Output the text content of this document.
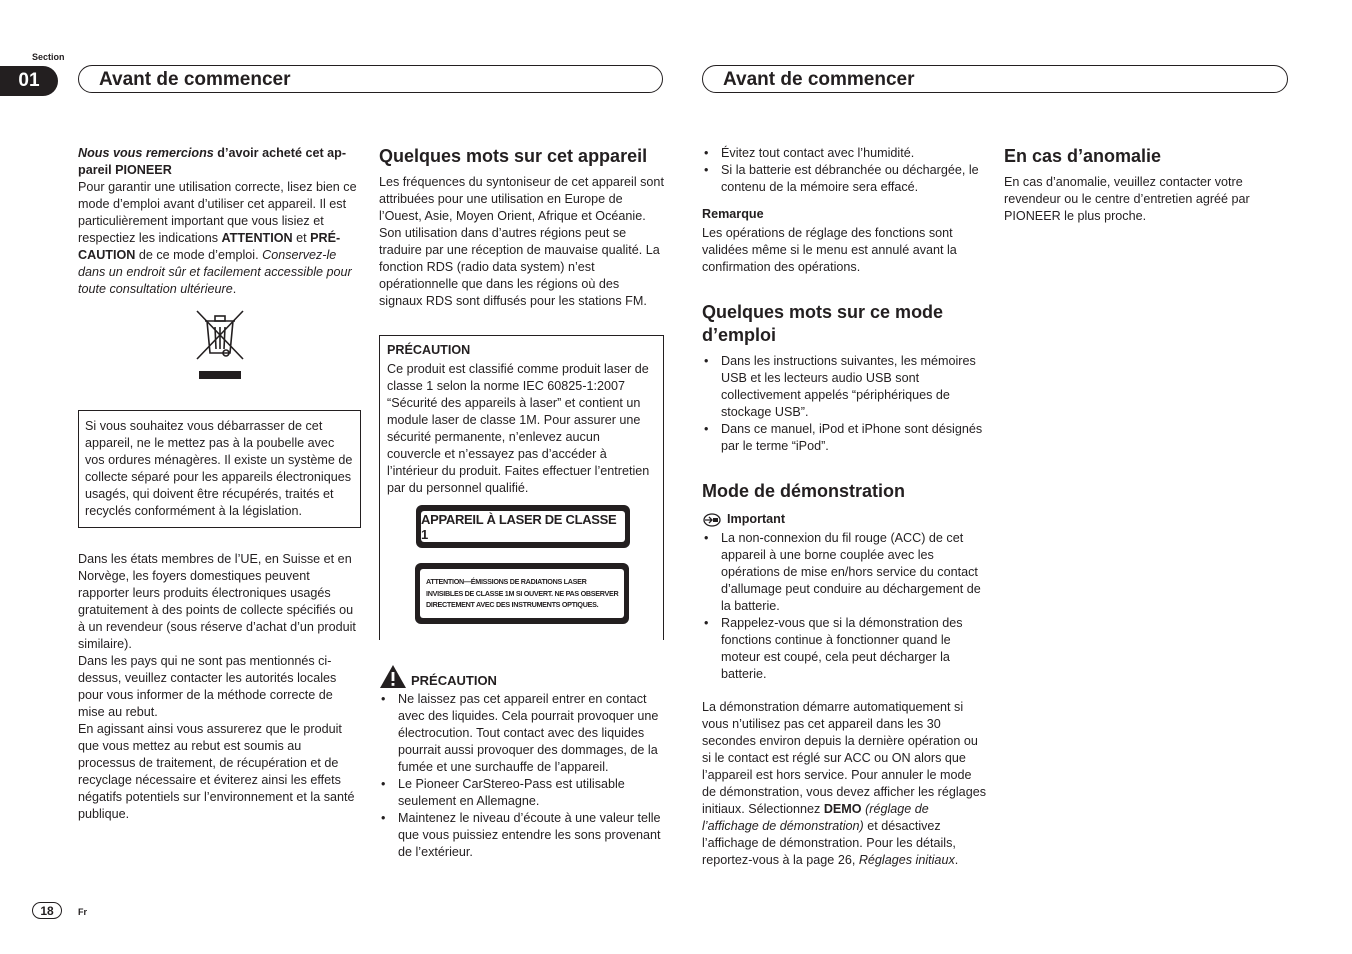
Section
01	Avant de commencer	Avant de commencer

Nous vous remercions d’avoir acheté cet ap-
pareil PIONEER

Pour garantir une utilisation correcte, lisez bien ce mode d’emploi avant d’utiliser cet appareil. Il est particulièrement important que vous lisiez et respectiez les indications ATTENTION et PRÉ-CAUTION de ce mode d’emploi. Conservez-le dans un endroit sûr et facilement accessible pour toute consultation ultérieure.

Si vous souhaitez vous débarrasser de cet appareil, ne le mettez pas à la poubelle avec vos ordures ménagères. Il existe un système de collecte séparé pour les appareils électroniques usagés, qui doivent être récupérés, traités et recyclés conformément à la législation.

Dans les états membres de l’UE, en Suisse et en Norvège, les foyers domestiques peuvent rapporter leurs produits électroniques usagés gratuitement à des points de collecte spécifiés ou à un revendeur (sous réserve d’achat d’un produit similaire).

Dans les pays qui ne sont pas mentionnés ci-dessus, veuillez contacter les autorités locales pour vous informer de la méthode correcte de mise au rebut.

En agissant ainsi vous assurerez que le produit que vous mettez au rebut est soumis au processus de traitement, de récupération et de recyclage nécessaire et éviterez ainsi les effets négatifs potentiels sur l’environnement et la santé publique.

Quelques mots sur cet appareil

Les fréquences du syntoniseur de cet appareil sont attribuées pour une utilisation en Europe de l’Ouest, Asie, Moyen Orient, Afrique et Océanie. Son utilisation dans d’autres régions peut se traduire par une réception de mauvaise qualité. La fonction RDS (radio data system) n’est opérationnelle que dans les régions où des signaux RDS sont diffusés pour les stations FM.

PRÉCAUTION

Ce produit est classifié comme produit laser de classe 1 selon la norme IEC 60825-1:2007 “Sécurité des appareils à laser” et contient un module laser de classe 1M. Pour assurer une sécurité permanente, n’enlevez aucun couvercle et n’essayez pas d’accéder à l’intérieur du produit. Faites effectuer l’entretien par du personnel qualifié.

APPAREIL À LASER DE CLASSE 1
ATTENTION—ÉMISSIONS DE RADIATIONS LASER
INVISIBLES DE CLASSE 1M SI OUVERT. NE PAS OBSERVER
DIRECTEMENT AVEC DES INSTRUMENTS OPTIQUES.
PRÉCAUTION
• Ne laissez pas cet appareil entrer en contact avec des liquides. Cela pourrait provoquer une électrocution. Tout contact avec des liquides pourrait aussi provoquer des dommages, de la fumée et une surchauffe de l’appareil.
• Le Pioneer CarStereo-Pass est utilisable seulement en Allemagne.
• Maintenez le niveau d’écoute à une valeur telle que vous puissiez entendre les sons provenant de l’extérieur.
• Évitez tout contact avec l’humidité.
• Si la batterie est débranchée ou déchargée, le contenu de la mémoire sera effacé.

Remarque

Les opérations de réglage des fonctions sont validées même si le menu est annulé avant la confirmation des opérations.

Quelques mots sur ce mode d’emploi

• Dans les instructions suivantes, les mémoires USB et les lecteurs audio USB sont collectivement appelés “périphériques de stockage USB”.
• Dans ce manuel, iPod et iPhone sont désignés par le terme “iPod”.

Mode de démonstration

Important
• La non-connexion du fil rouge (ACC) de cet appareil à une borne couplée avec les opérations de mise en/hors service du contact d’allumage peut conduire au déchargement de la batterie.
• Rappelez-vous que si la démonstration des fonctions continue à fonctionner quand le moteur est coupé, cela peut décharger la batterie.

La démonstration démarre automatiquement si vous n’utilisez pas cet appareil dans les 30 secondes environ depuis la dernière opération ou si le contact est réglé sur ACC ou ON alors que l’appareil est hors service. Pour annuler le mode de démonstration, vous devez afficher les réglages initiaux. Sélectionnez DEMO (réglage de l’affichage de démonstration) et désactivez l’affichage de démonstration. Pour les détails, reportez-vous à la page 26, Réglages initiaux.

En cas d’anomalie

En cas d’anomalie, veuillez contacter votre revendeur ou le centre d’entretien agréé par PIONEER le plus proche.

18	Fr
